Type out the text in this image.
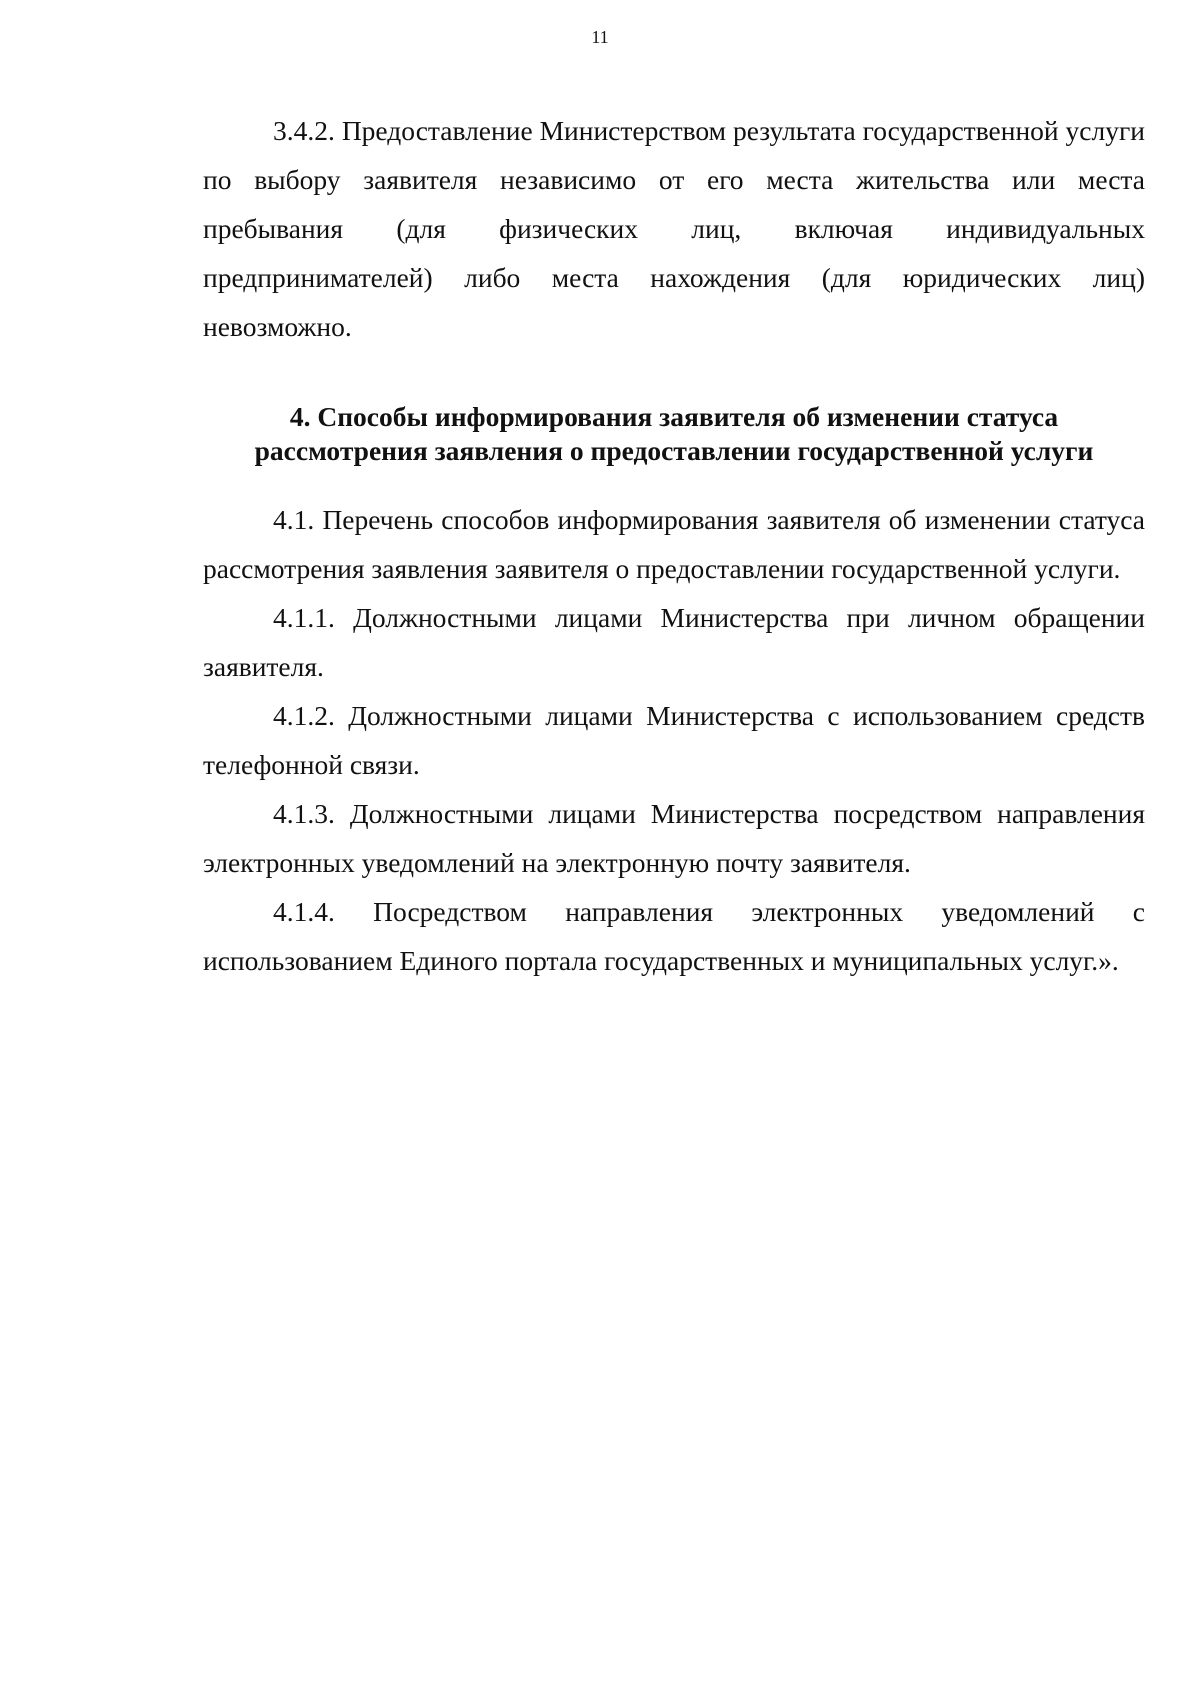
11

3.4.2. Предоставление Министерством результата государственной услуги по выбору заявителя независимо от его места жительства или места пребывания (для физических лиц, включая индивидуальных предпринимателей) либо места нахождения (для юридических лиц) невозможно.

4. Способы информирования заявителя об изменении статуса
рассмотрения заявления о предоставлении государственной услуги

4.1. Перечень способов информирования заявителя об изменении статуса рассмотрения заявления заявителя о предоставлении государственной услуги.

4.1.1. Должностными лицами Министерства при личном обращении заявителя.

4.1.2. Должностными лицами Министерства с использованием средств телефонной связи.

4.1.3. Должностными лицами Министерства посредством направления электронных уведомлений на электронную почту заявителя.

4.1.4. Посредством направления электронных уведомлений с использованием Единого портала государственных и муниципальных услуг.».
